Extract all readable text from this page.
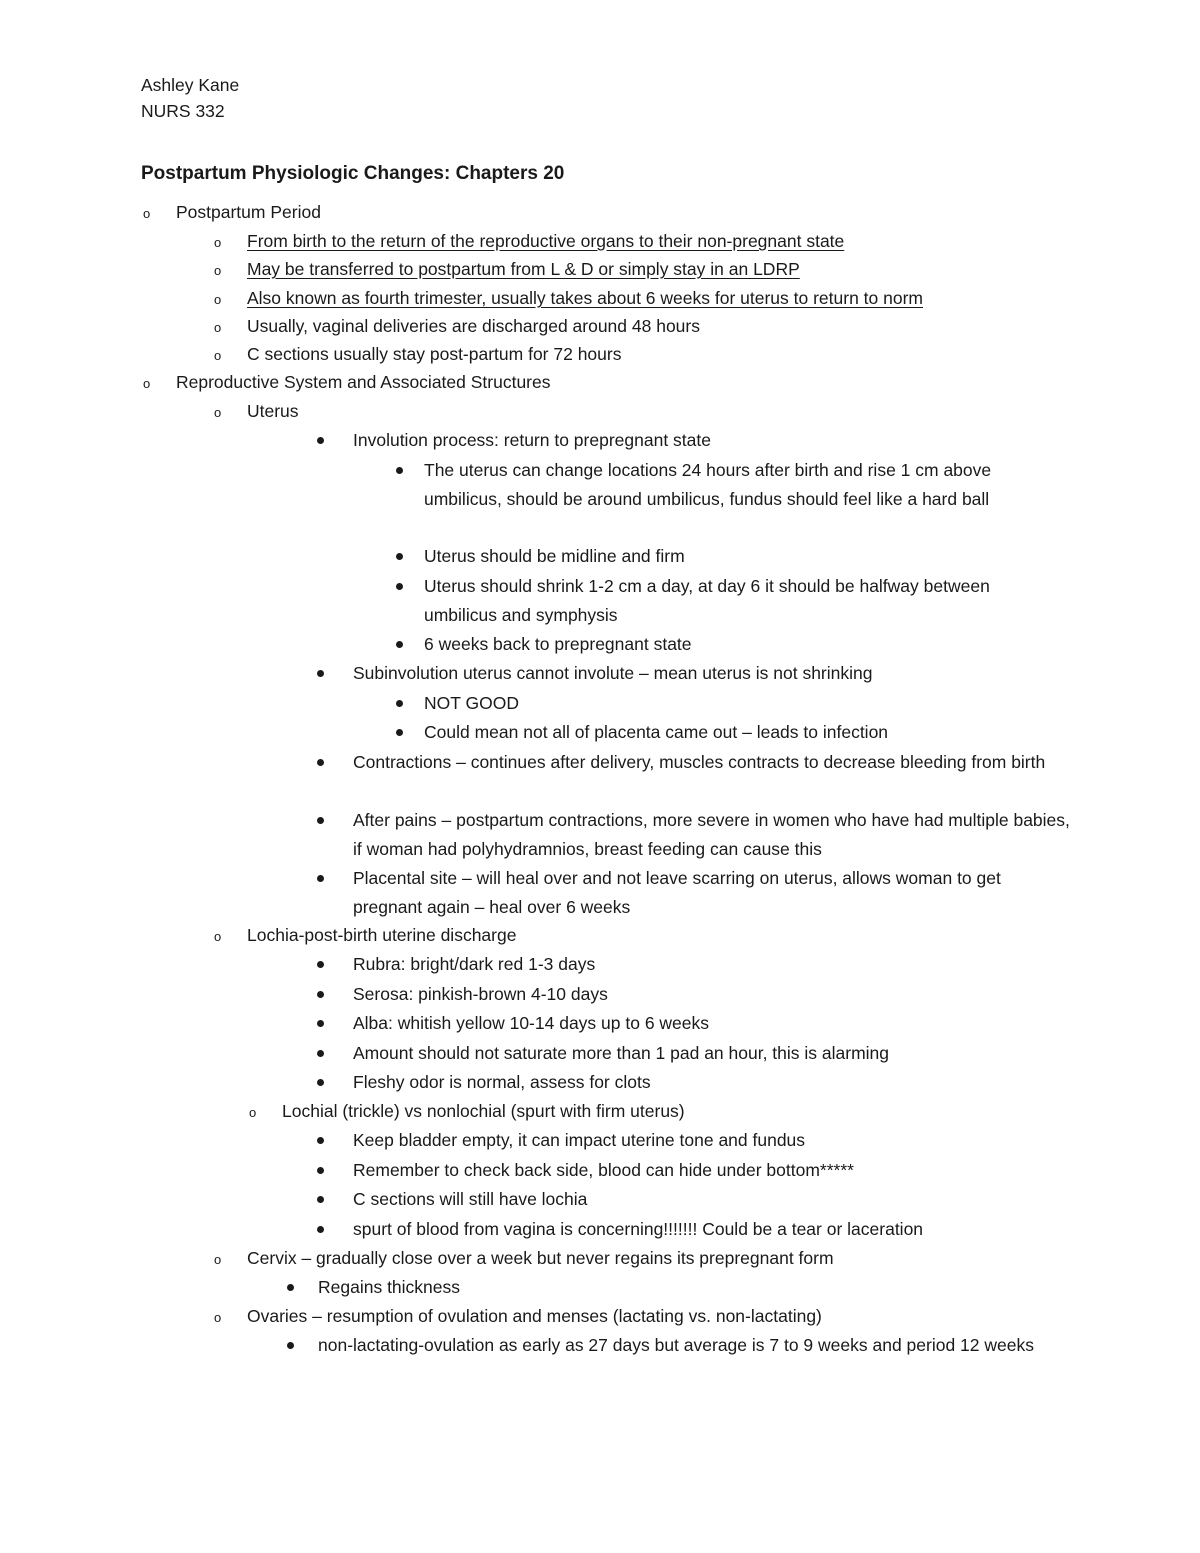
Ashley Kane
NURS 332
Postpartum Physiologic Changes: Chapters 20
o Postpartum Period
o From birth to the return of the reproductive organs to their non-pregnant state
o May be transferred to postpartum from L & D or simply stay in an LDRP
o Also known as fourth trimester, usually takes about 6 weeks for uterus to return to norm
o Usually, vaginal deliveries are discharged around 48 hours
o C sections usually stay post-partum for 72 hours
o Reproductive System and Associated Structures
o Uterus
Involution process: return to prepregnant state
The uterus can change locations 24 hours after birth and rise 1 cm above umbilicus, should be around umbilicus, fundus should feel like a hard ball
Uterus should be midline and firm
Uterus should shrink 1-2 cm a day, at day 6 it should be halfway between umbilicus and symphysis
6 weeks back to prepregnant state
Subinvolution uterus cannot involute – mean uterus is not shrinking
NOT GOOD
Could mean not all of placenta came out – leads to infection
Contractions – continues after delivery, muscles contracts to decrease bleeding from birth
After pains – postpartum contractions, more severe in women who have had multiple babies, if woman had polyhydramnios, breast feeding can cause this
Placental site – will heal over and not leave scarring on uterus, allows woman to get pregnant again – heal over 6 weeks
o Lochia-post-birth uterine discharge
Rubra: bright/dark red 1-3 days
Serosa: pinkish-brown 4-10 days
Alba: whitish yellow 10-14 days up to 6 weeks
Amount should not saturate more than 1 pad an hour, this is alarming
Fleshy odor is normal, assess for clots
o Lochial (trickle) vs nonlochial (spurt with firm uterus)
Keep bladder empty, it can impact uterine tone and fundus
Remember to check back side, blood can hide under bottom*****
C sections will still have lochia
spurt of blood from vagina is concerning!!!!!!! Could be a tear or laceration
o Cervix – gradually close over a week but never regains its prepregnant form
Regains thickness
o Ovaries – resumption of ovulation and menses (lactating vs. non-lactating)
non-lactating-ovulation as early as 27 days but average is 7 to 9 weeks and period 12 weeks
